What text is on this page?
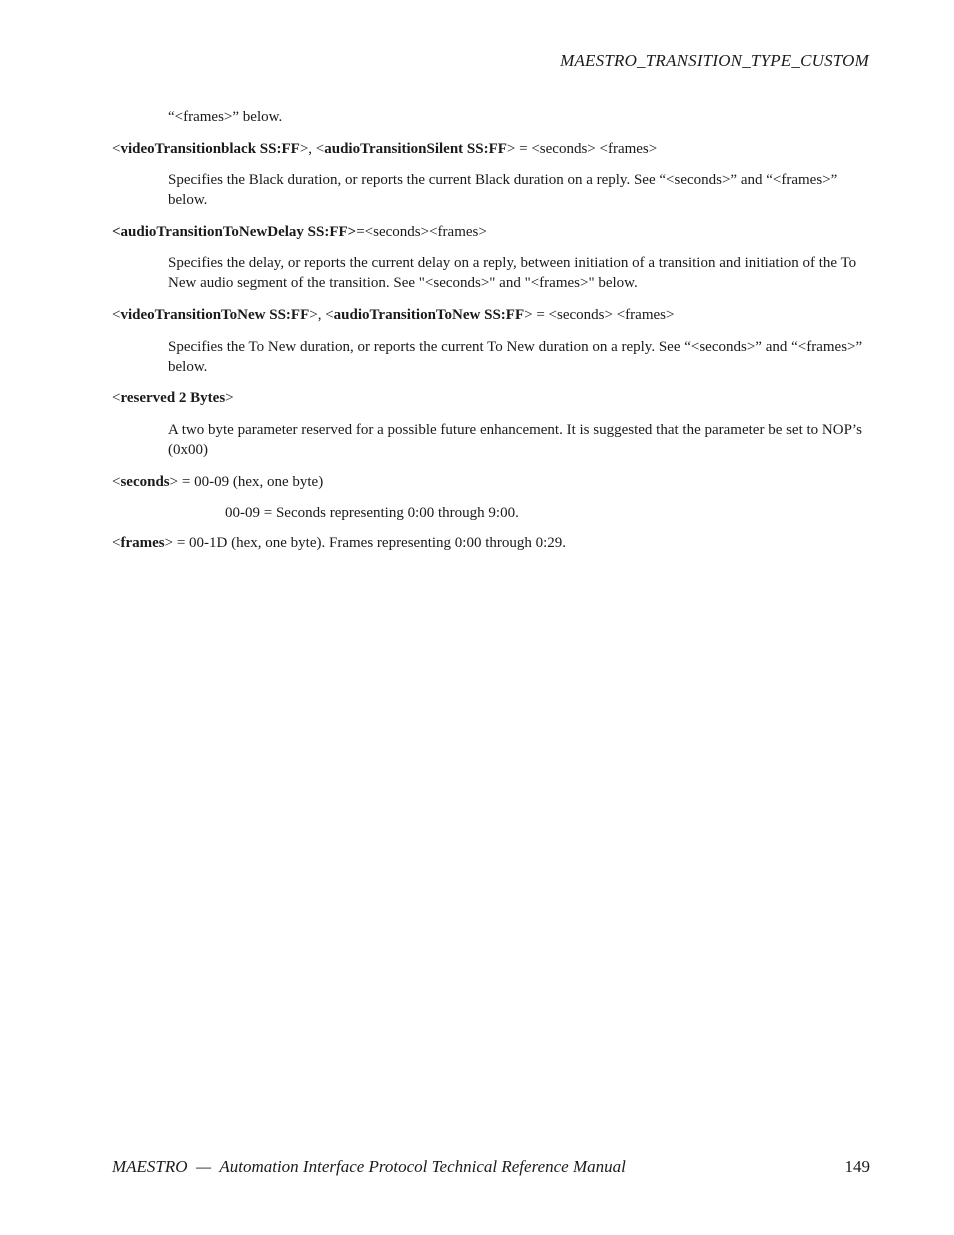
MAESTRO_TRANSITION_TYPE_CUSTOM
“<frames>” below.
<videoTransitionblack SS:FF>, <audioTransitionSilent SS:FF> = <seconds> <frames>
Specifies the Black duration, or reports the current Black duration on a reply. See “<seconds>” and “<frames>” below.
<audioTransitionToNewDelay SS:FF>=<seconds><frames>
Specifies the delay, or reports the current delay on a reply, between initiation of a transition and initiation of the To New audio segment of the transition. See "<seconds>" and "<frames>" below.
<videoTransitionToNew SS:FF>, <audioTransitionToNew SS:FF> = <seconds> <frames>
Specifies the To New duration, or reports the current To New duration on a reply. See “<seconds>” and “<frames>” below.
<reserved 2 Bytes>
A two byte parameter reserved for a possible future enhancement. It is suggested that the parameter be set to NOP’s (0x00)
<seconds> = 00-09 (hex, one byte)
00-09 = Seconds representing 0:00 through 9:00.
<frames> = 00-1D (hex, one byte). Frames representing 0:00 through 0:29.
MAESTRO  —  Automation Interface Protocol Technical Reference Manual	149
